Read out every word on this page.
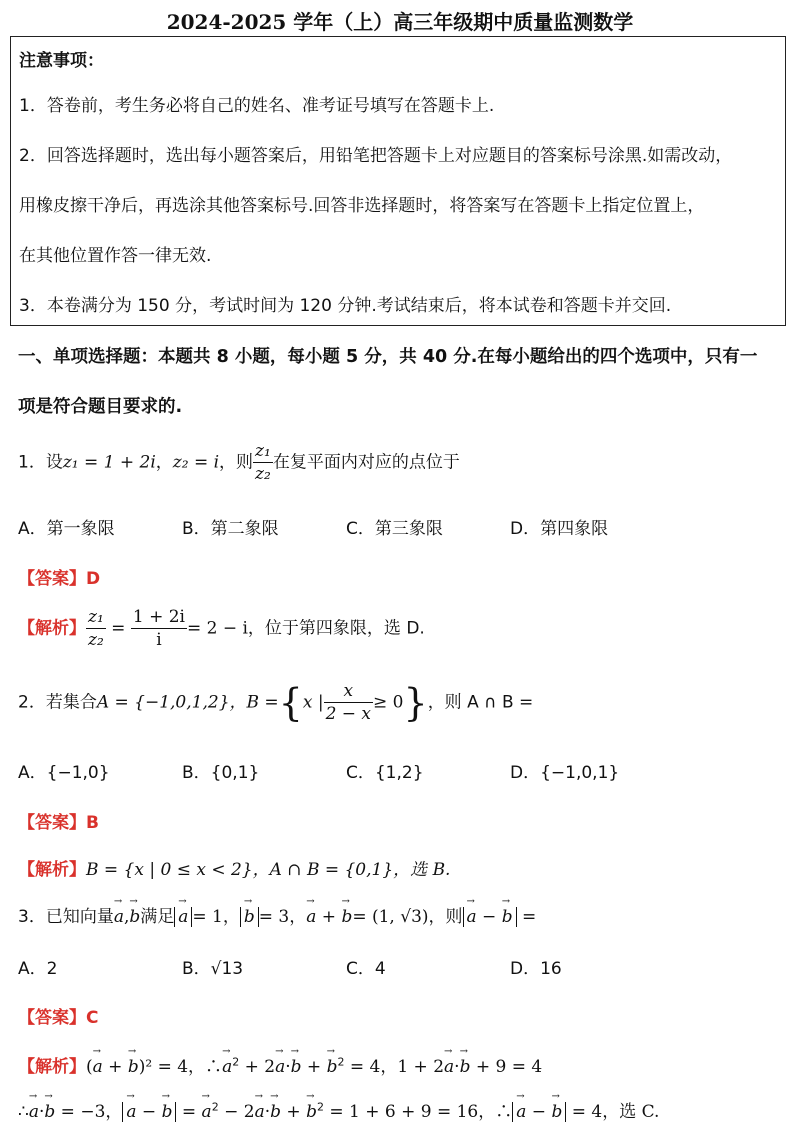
2024-2025 学年（上）高三年级期中质量监测数学
注意事项：
1．答卷前，考生务必将自己的姓名、准考证号填写在答题卡上.
2．回答选择题时，选出每小题答案后，用铅笔把答题卡上对应题目的答案标号涂黑.如需改动，
用橡皮擦干净后，再选涂其他答案标号.回答非选择题时，将答案写在答题卡上指定位置上，
在其他位置作答一律无效.
3．本卷满分为 150 分，考试时间为 120 分钟.考试结束后，将本试卷和答题卡并交回.
一、单项选择题：本题共 8 小题，每小题 5 分，共 40 分.在每小题给出的四个选项中，只有一
项是符合题目要求的.
1．设z₁ = 1 + 2i，z₂ = i，则 $\frac{\text{z₁}}{\text{z₂}}$ 在复平面内对应的点位于
A．第一象限	B．第二象限	C．第三象限	D．第四象限
【答案】D
【解析】 $\frac{\text{z₁}}{\text{z₂}} = \frac{1 + 2i}{i} = 2 - i$，位于第四象限，选 D.
2．若集合A = {−1,0,1,2}，B ={x | $\frac{x}{2 - x} \ge 0$}，则 A ∩ B =
A．{−1,0}	B．{0,1}	C．{1,2}	D．{−1,0,1}
【答案】B
【解析】B = {x | 0 ≤ x < 2}，A ∩ B = {0,1}，选 B.
3．已知向量→ a,→ b满足 → a = 1， → b = 3，→ a + → b= (1, √3)，则 → a − → b =
A．2	B．√13	C．4	D．16
【答案】C
【解析】(→ a + → b)² = 4，∴→ $a^2 + 2\to a\cdot\to b$ + → $b^2 = 4$，1 + 2→ a·→ b + 9 = 4
∴→ a·→ b = −3， → a − → b = → $a^2 - 2\to a\cdot\to b$ + → $b^2 = 1 + 6 + 9 = 16$，∴ → a − → b = 4，选 C.
